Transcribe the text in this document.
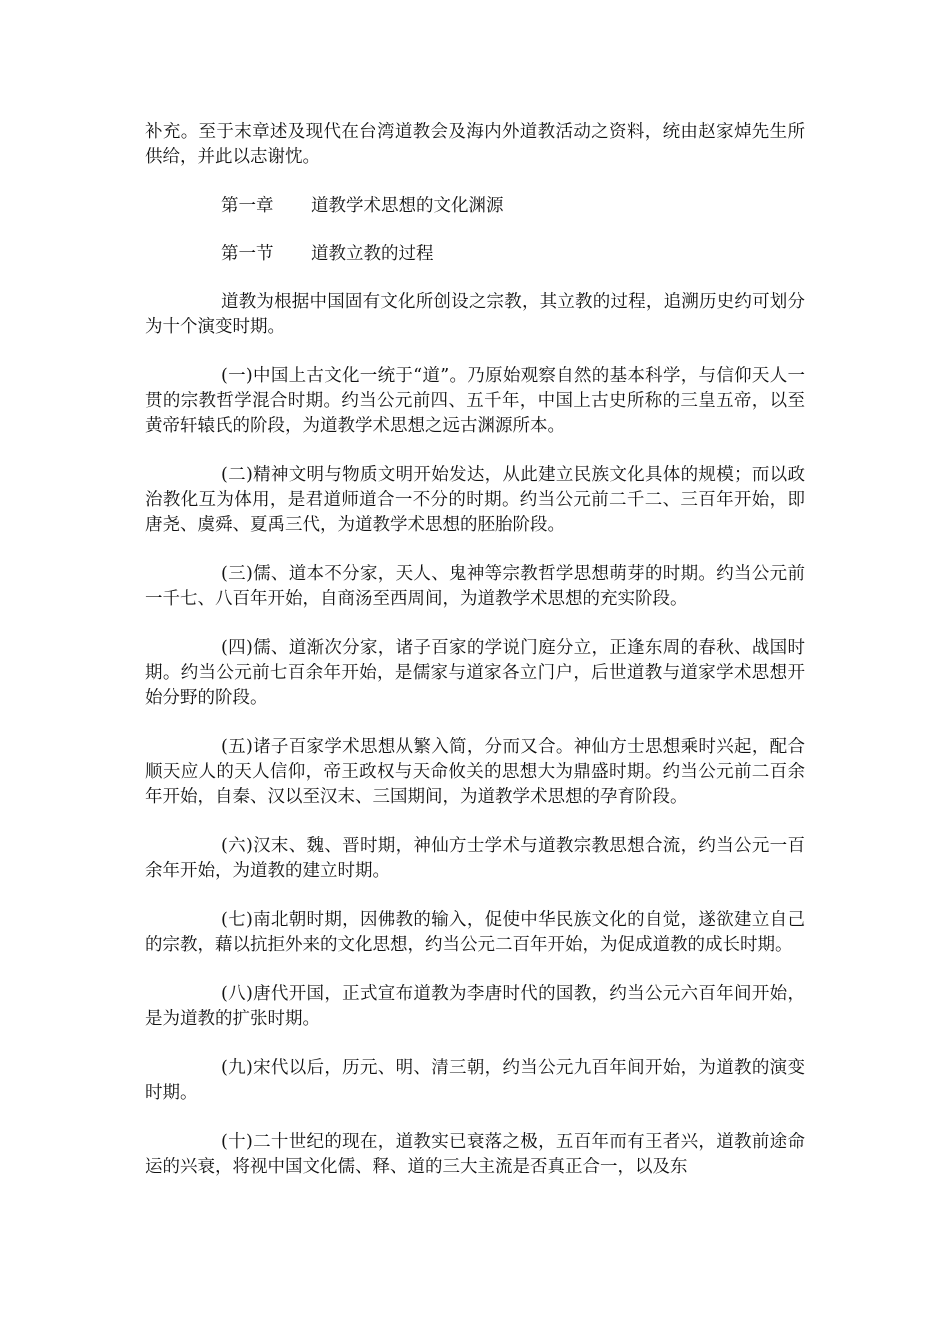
补充。至于末章述及现代在台湾道教会及海内外道教活动之资料，统由赵家焯先生所供给，并此以志谢忱。

第一章	道教学术思想的文化渊源
第一节	道教立教的过程

道教为根据中国固有文化所创设之宗教，其立教的过程，追溯历史约可划分为十个演变时期。

(一)中国上古文化一统于“道”。乃原始观察自然的基本科学，与信仰天人一贯的宗教哲学混合时期。约当公元前四、五千年，中国上古史所称的三皇五帝，以至黄帝轩辕氏的阶段，为道教学术思想之远古渊源所本。

(二)精神文明与物质文明开始发达，从此建立民族文化具体的规模；而以政治教化互为体用，是君道师道合一不分的时期。约当公元前二千二、三百年开始，即唐尧、虞舜、夏禹三代，为道教学术思想的胚胎阶段。

(三)儒、道本不分家，天人、鬼神等宗教哲学思想萌芽的时期。约当公元前一千七、八百年开始，自商汤至西周间，为道教学术思想的充实阶段。

(四)儒、道渐次分家，诸子百家的学说门庭分立，正逢东周的春秋、战国时期。约当公元前七百余年开始，是儒家与道家各立门户，后世道教与道家学术思想开始分野的阶段。

(五)诸子百家学术思想从繁入简，分而又合。神仙方士思想乘时兴起，配合顺天应人的天人信仰，帝王政权与天命攸关的思想大为鼎盛时期。约当公元前二百余年开始，自秦、汉以至汉末、三国期间，为道教学术思想的孕育阶段。

(六)汉末、魏、晋时期，神仙方士学术与道教宗教思想合流，约当公元一百余年开始，为道教的建立时期。

(七)南北朝时期，因佛教的输入，促使中华民族文化的自觉，遂欲建立自己的宗教，藉以抗拒外来的文化思想，约当公元二百年开始，为促成道教的成长时期。

(八)唐代开国，正式宣布道教为李唐时代的国教，约当公元六百年间开始，是为道教的扩张时期。

(九)宋代以后，历元、明、清三朝，约当公元九百年间开始，为道教的演变时期。

(十)二十世纪的现在，道教实已衰落之极，五百年而有王者兴，道教前途命运的兴衰，将视中国文化儒、释、道的三大主流是否真正合一，以及东
